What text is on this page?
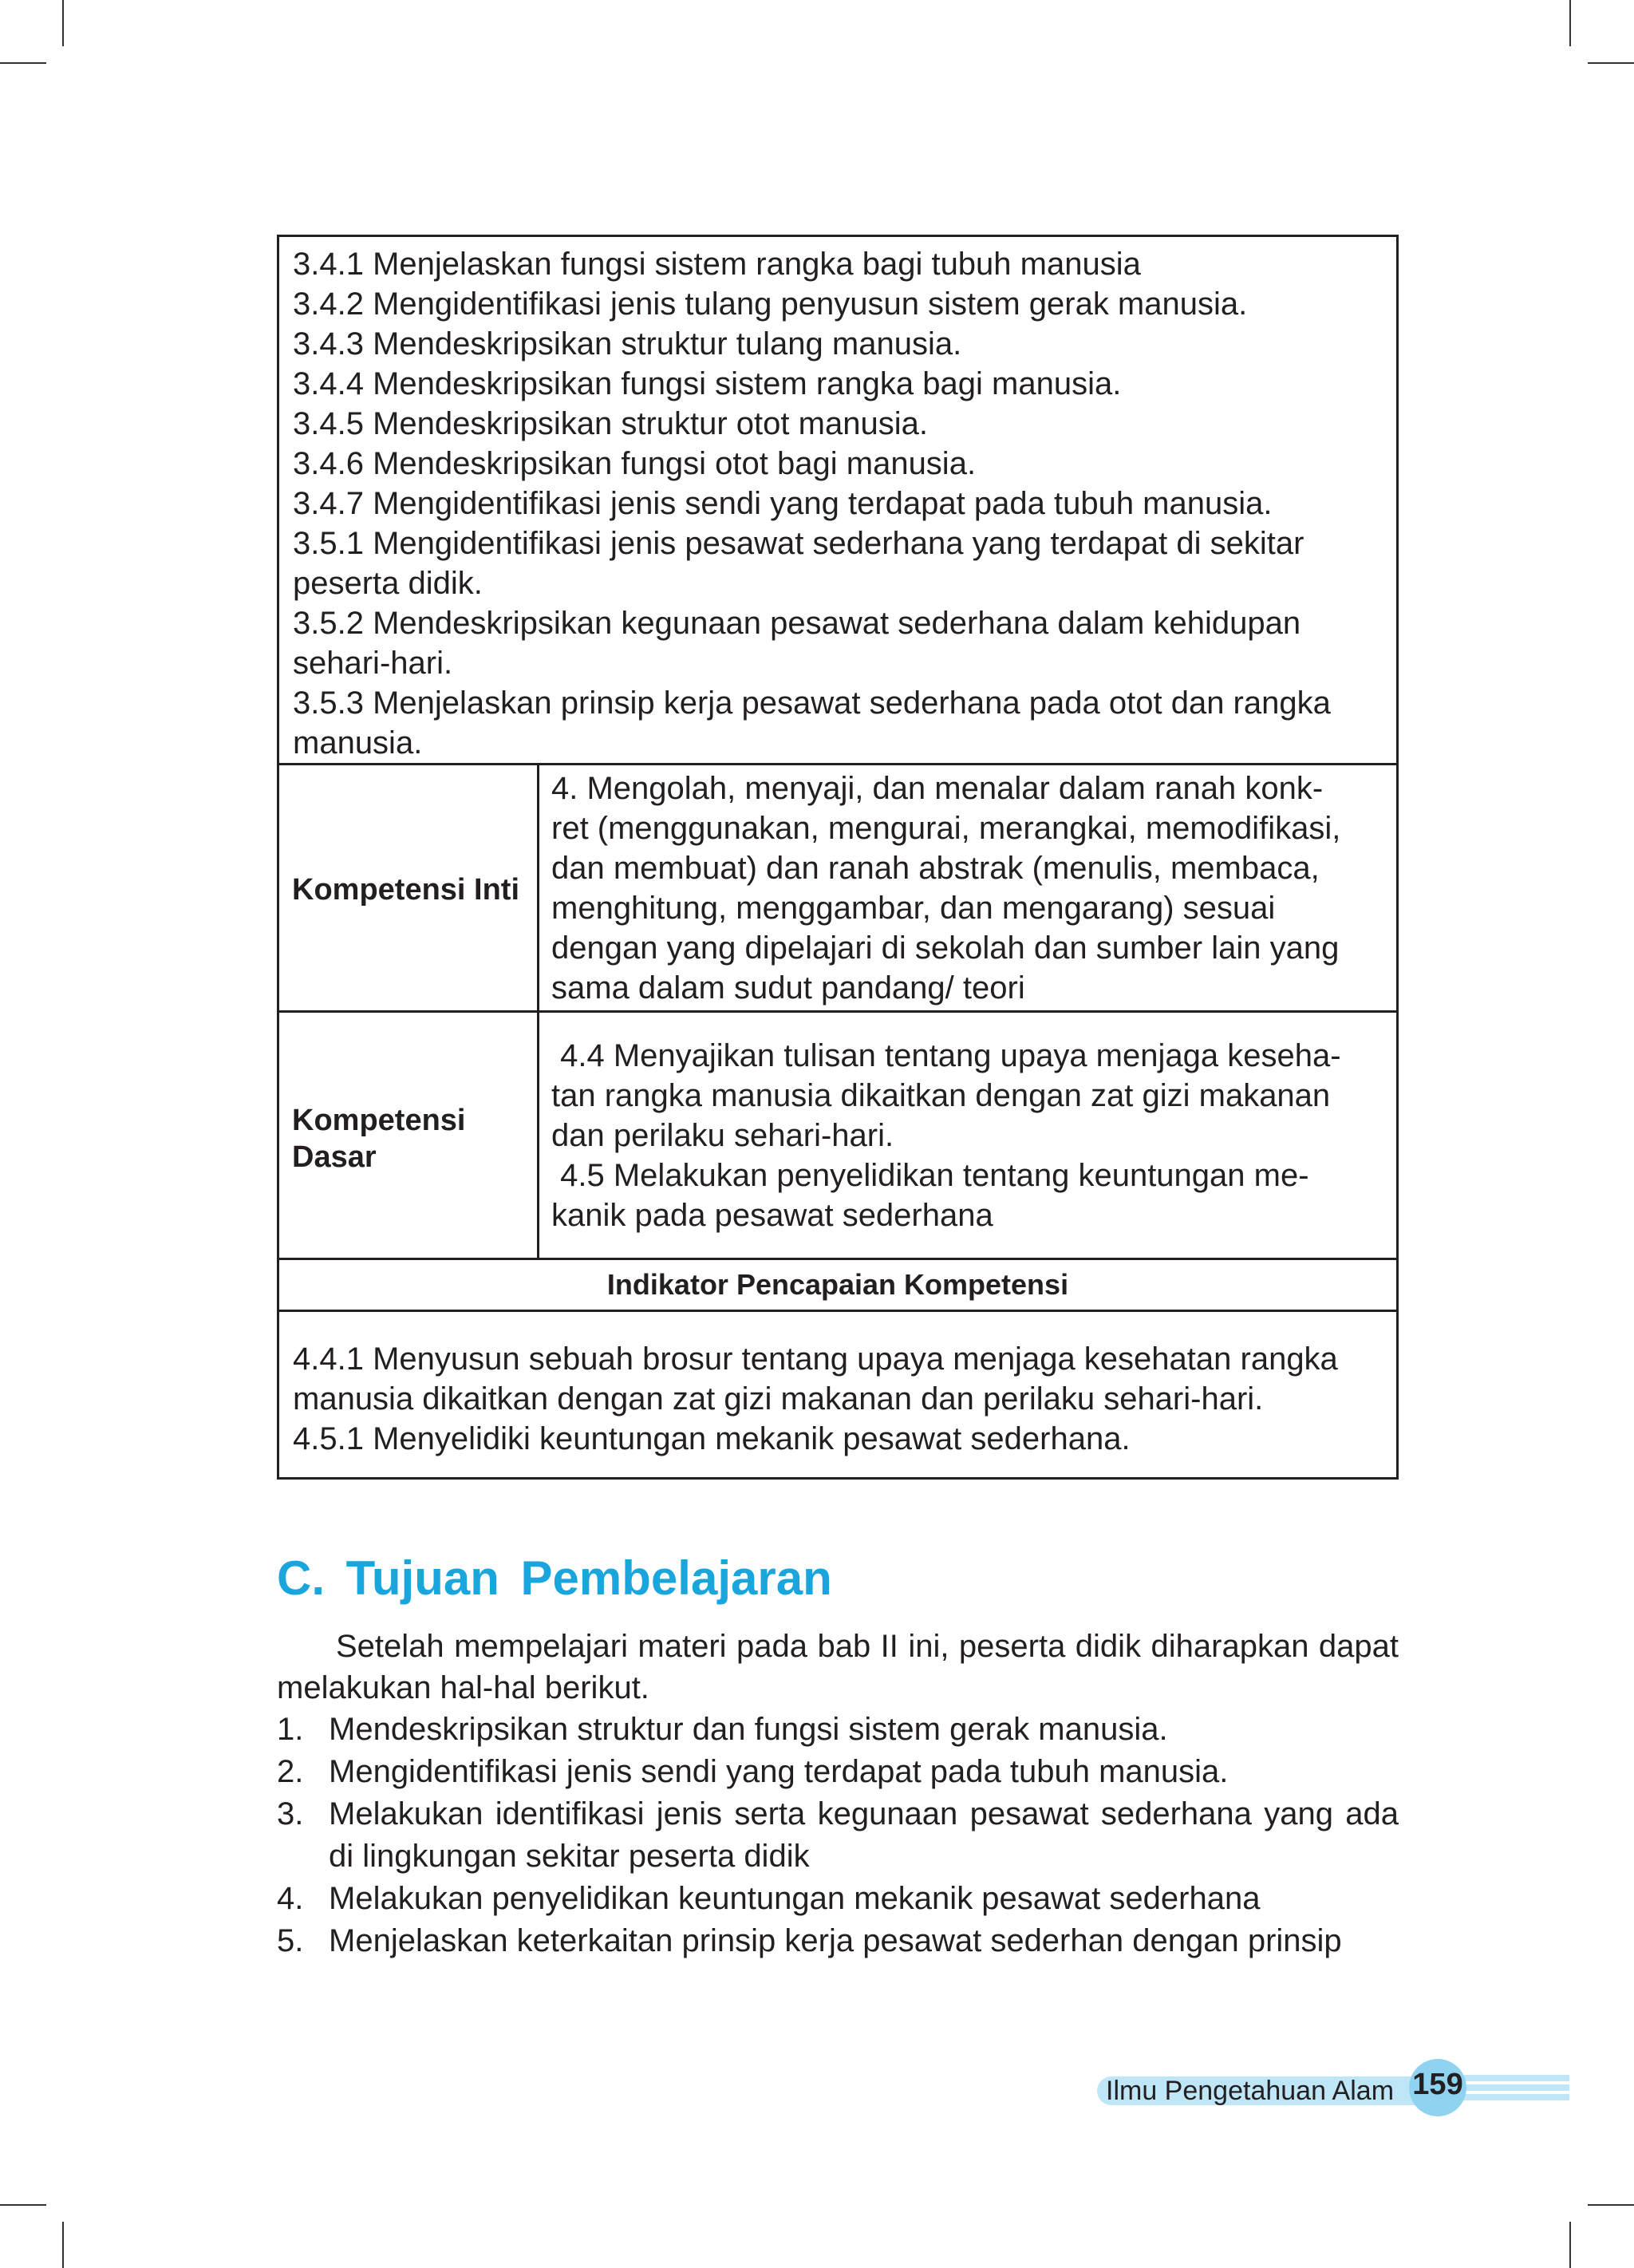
3.4.1 Menjelaskan fungsi sistem rangka bagi tubuh manusia
3.4.2 Mengidentifikasi jenis tulang penyusun sistem gerak manusia.
3.4.3 Mendeskripsikan struktur tulang manusia.
3.4.4 Mendeskripsikan fungsi sistem rangka bagi manusia.
3.4.5 Mendeskripsikan struktur otot manusia.
3.4.6 Mendeskripsikan fungsi otot bagi manusia.
3.4.7 Mengidentifikasi jenis sendi yang terdapat pada tubuh manusia.
3.5.1 Mengidentifikasi jenis pesawat sederhana yang terdapat di sekitar
peserta didik.
3.5.2 Mendeskripsikan kegunaan pesawat sederhana dalam kehidupan
sehari-hari.
3.5.3 Menjelaskan prinsip kerja pesawat sederhana pada otot dan rangka
manusia.
Kompetensi Inti
4. Mengolah, menyaji, dan menalar dalam ranah konk-
ret (menggunakan, mengurai, merangkai, memodifikasi,
dan membuat) dan ranah abstrak (menulis, membaca,
menghitung, menggambar, dan mengarang) sesuai
dengan yang dipelajari di sekolah dan sumber lain yang
sama dalam sudut pandang/ teori
Kompetensi
Dasar
4.4 Menyajikan tulisan tentang upaya menjaga keseha-
tan rangka manusia dikaitkan dengan zat gizi makanan
dan perilaku sehari-hari.
4.5 Melakukan penyelidikan tentang keuntungan me-
kanik pada pesawat sederhana
Indikator Pencapaian Kompetensi
4.4.1 Menyusun sebuah brosur tentang upaya menjaga kesehatan rangka
manusia dikaitkan dengan zat gizi makanan dan perilaku sehari-hari.
4.5.1 Menyelidiki keuntungan mekanik pesawat sederhana.
C. Tujuan Pembelajaran
Setelah mempelajari materi pada bab II ini, peserta didik diharapkan dapat melakukan hal-hal berikut.
1. Mendeskripsikan struktur dan fungsi sistem gerak manusia.
2. Mengidentifikasi jenis sendi yang terdapat pada tubuh manusia.
3. Melakukan identifikasi jenis serta kegunaan pesawat sederhana yang ada di lingkungan sekitar peserta didik
4. Melakukan penyelidikan keuntungan mekanik pesawat sederhana
5. Menjelaskan keterkaitan prinsip kerja pesawat sederhan dengan prinsip
Ilmu Pengetahuan Alam 159
